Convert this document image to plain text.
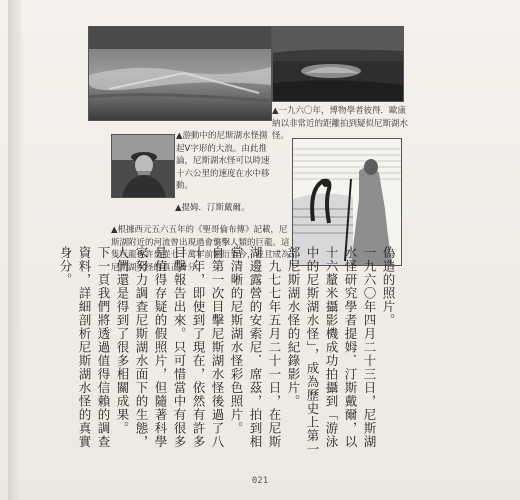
▲一九六〇年，博物學者彼得．歐康納以非常近的距離拍到疑似尼斯湖水怪。
▲游動中的尼斯湖水怪揚起V字形的大浪。由此推論，尼斯湖水怪可以時速十六公里的速度在水中移動。
▲提姆．汀斯戴爾。
▲根據西元五六五年的《聖哥倫布傳》記載，尼斯湖附近的河流曾出現過會襲擊人類的巨龍。這隻巨龍也許是從七千萬年前繁衍至今，並且成為尼斯湖水怪的真正身分。	偽造的照片。

一九六〇年四月二十三日，尼斯湖水怪研究學者提姆．汀斯戴爾，以十六釐米攝影機成功拍攝到「游泳中的尼斯湖水怪」，成為歷史上第一部尼斯湖水怪的紀錄影片。

一九七七年五月二十一日，在尼斯湖邊露營的安索尼．席茲，拍到相當清晰的尼斯湖水怪彩色照片。

自第一次目擊尼斯湖水怪後過了八十年，即使到了現在，依然有許多目擊報告出來。只可惜當中有很多是值得存疑的假照片，但隨著科學家努力調查尼斯湖水面下的生態，人們還是得到了很多相關成果。

下一頁我們將透過值得信賴的調查資料，詳細剖析尼斯湖水怪的真實身分。

021
